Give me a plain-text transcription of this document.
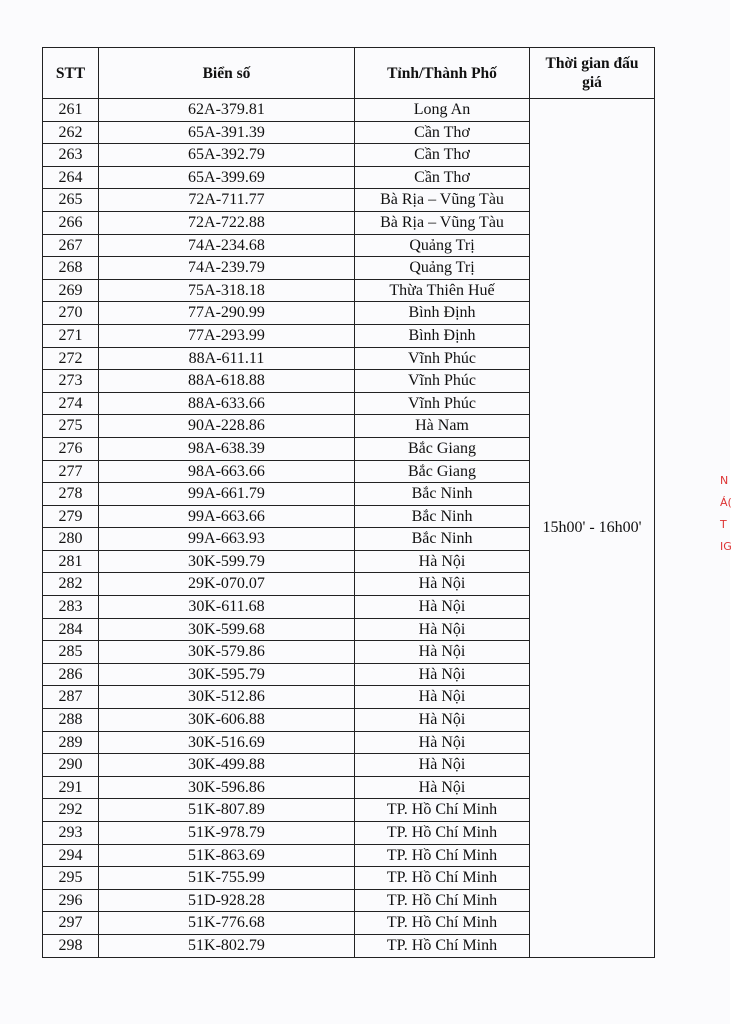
STT	Biển số	Tỉnh/Thành Phố	Thời gian đấu giá
261	62A-379.81	Long An	15h00' - 16h00'
262	65A-391.39	Cần Thơ	
263	65A-392.79	Cần Thơ	
264	65A-399.69	Cần Thơ	
265	72A-711.77	Bà Rịa – Vũng Tàu	
266	72A-722.88	Bà Rịa – Vũng Tàu	
267	74A-234.68	Quảng Trị	
268	74A-239.79	Quảng Trị	
269	75A-318.18	Thừa Thiên Huế	
270	77A-290.99	Bình Định	
271	77A-293.99	Bình Định	
272	88A-611.11	Vĩnh Phúc	
273	88A-618.88	Vĩnh Phúc	
274	88A-633.66	Vĩnh Phúc	
275	90A-228.86	Hà Nam	
276	98A-638.39	Bắc Giang	
277	98A-663.66	Bắc Giang	
278	99A-661.79	Bắc Ninh	
279	99A-663.66	Bắc Ninh	
280	99A-663.93	Bắc Ninh	
281	30K-599.79	Hà Nội	
282	29K-070.07	Hà Nội	
283	30K-611.68	Hà Nội	
284	30K-599.68	Hà Nội	
285	30K-579.86	Hà Nội	
286	30K-595.79	Hà Nội	
287	30K-512.86	Hà Nội	
288	30K-606.88	Hà Nội	
289	30K-516.69	Hà Nội	
290	30K-499.88	Hà Nội	
291	30K-596.86	Hà Nội	
292	51K-807.89	TP. Hồ Chí Minh	
293	51K-978.79	TP. Hồ Chí Minh	
294	51K-863.69	TP. Hồ Chí Minh	
295	51K-755.99	TP. Hồ Chí Minh	
296	51D-928.28	TP. Hồ Chí Minh	
297	51K-776.68	TP. Hồ Chí Minh	
298	51K-802.79	TP. Hồ Chí Minh	
N
Á(
T
IG
